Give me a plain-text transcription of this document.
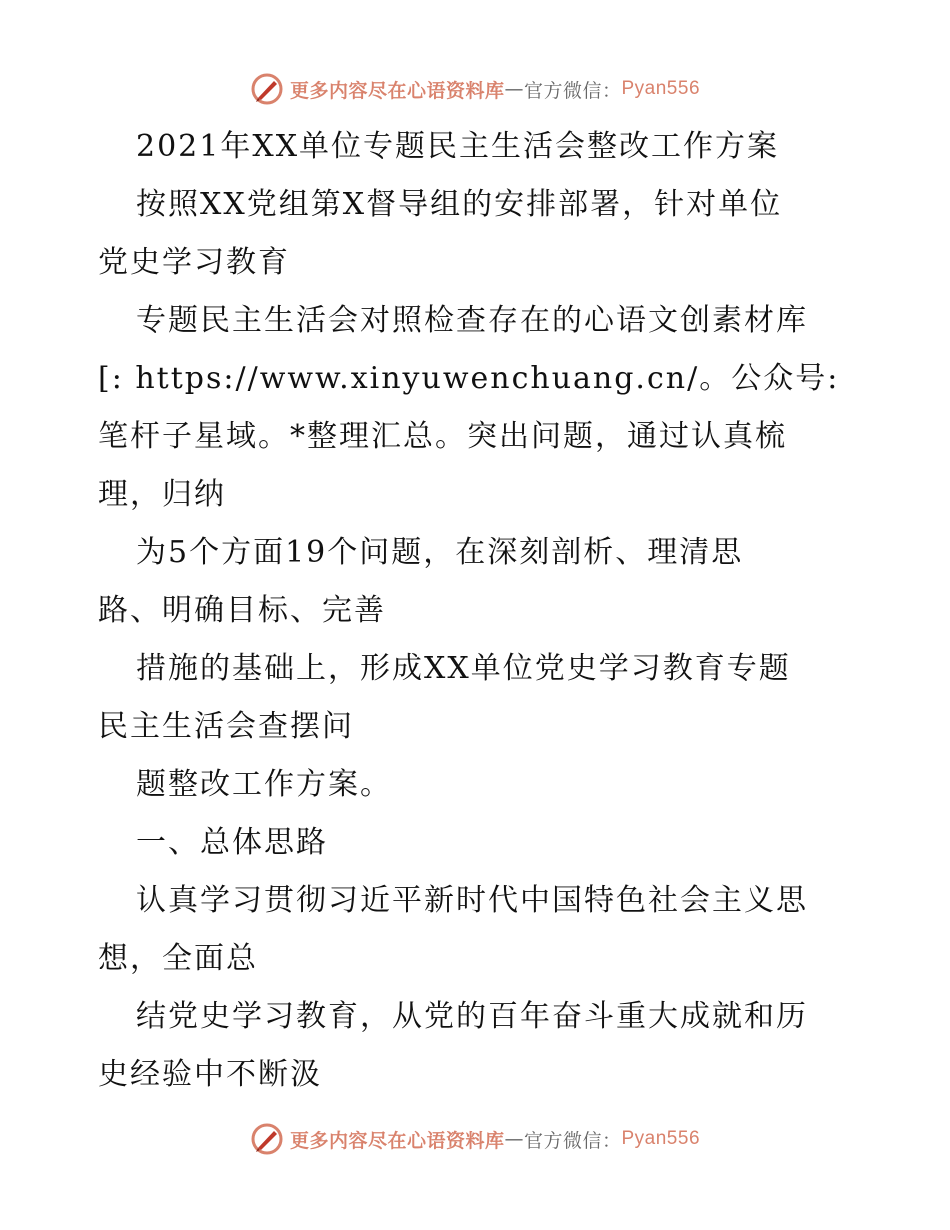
更多内容尽在心语资料库 — 官方微信： Pyan556
2021年XX单位专题民主生活会整改工作方案
按照XX党组第X督导组的安排部署，针对单位
党史学习教育
专题民主生活会对照检查存在的心语文创素材库
[: https://www.xinyuwenchuang.cn/。公众号:
笔杆子星域。*整理汇总。突出问题，通过认真梳
理，归纳
为5个方面19个问题，在深刻剖析、理清思
路、明确目标、完善
措施的基础上，形成XX单位党史学习教育专题
民主生活会查摆问
题整改工作方案。
一、总体思路
认真学习贯彻习近平新时代中国特色社会主义思
想，全面总
结党史学习教育，从党的百年奋斗重大成就和历
史经验中不断汲
更多内容尽在心语资料库 — 官方微信： Pyan556
